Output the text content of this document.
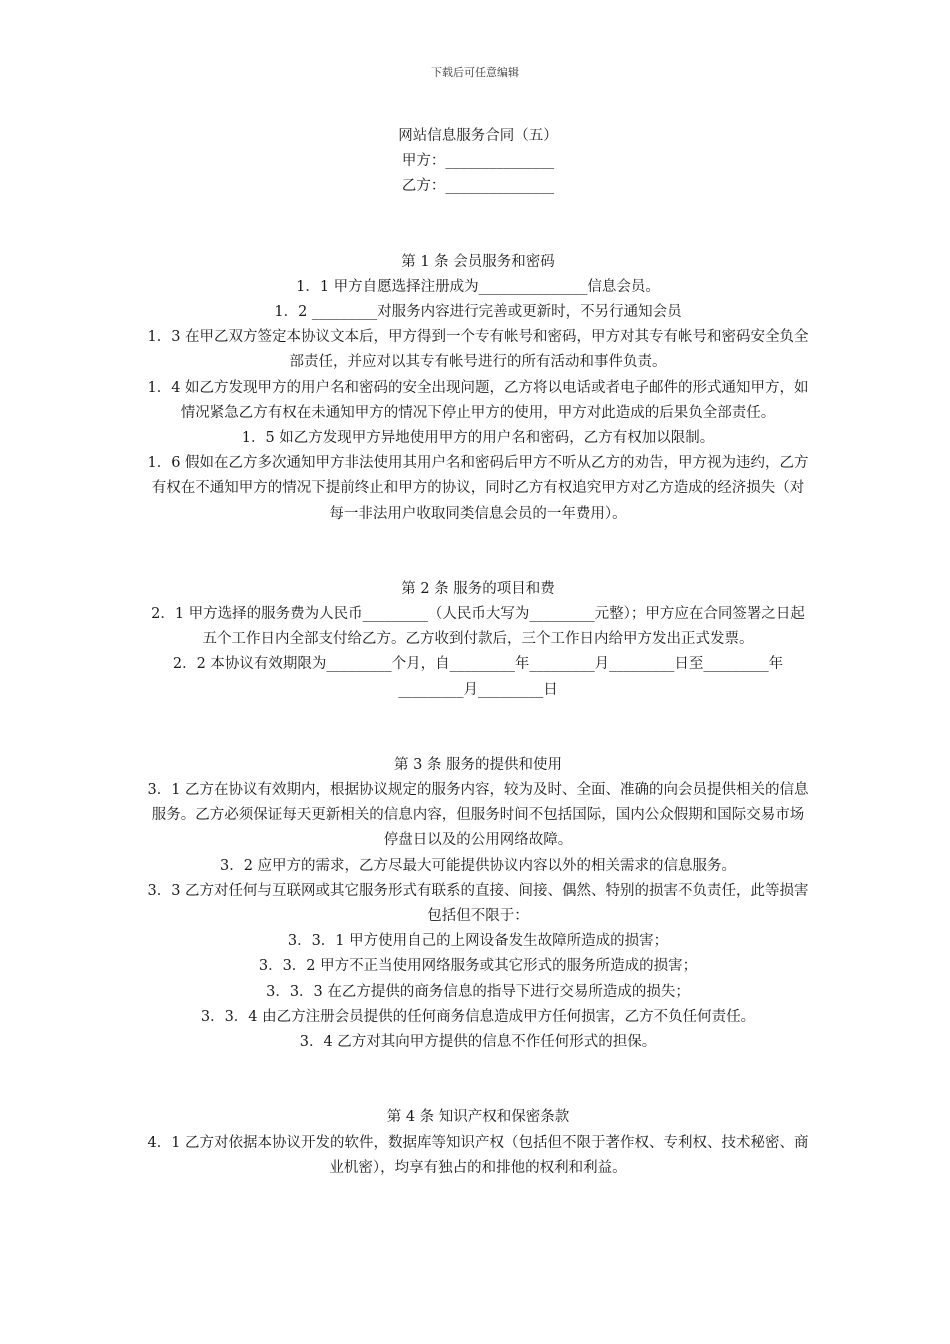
下载后可任意编辑

网站信息服务合同（五）

甲方：_______________

乙方：_______________

第 1 条 会员服务和密码

1．1 甲方自愿选择注册成为_______________信息会员。

1．2 _________对服务内容进行完善或更新时，不另行通知会员

1．3 在甲乙双方签定本协议文本后，甲方得到一个专有帐号和密码，甲方对其专有帐号和密码安全负全部责任，并应对以其专有帐号进行的所有活动和事件负责。

1．4 如乙方发现甲方的用户名和密码的安全出现问题，乙方将以电话或者电子邮件的形式通知甲方，如情况紧急乙方有权在未通知甲方的情况下停止甲方的使用，甲方对此造成的后果负全部责任。

1．5 如乙方发现甲方异地使用甲方的用户名和密码，乙方有权加以限制。

1．6 假如在乙方多次通知甲方非法使用其用户名和密码后甲方不听从乙方的劝告，甲方视为违约，乙方有权在不通知甲方的情况下提前终止和甲方的协议，同时乙方有权追究甲方对乙方造成的经济损失（对每一非法用户收取同类信息会员的一年费用）。

第 2 条 服务的项目和费

2．1 甲方选择的服务费为人民币_________（人民币大写为_________元整）；甲方应在合同签署之日起五个工作日内全部支付给乙方。乙方收到付款后，三个工作日内给甲方发出正式发票。

2．2 本协议有效期限为_________个月，自_________年_________月_________日至_________年_________月_________日

第 3 条 服务的提供和使用

3．1 乙方在协议有效期内，根据协议规定的服务内容，较为及时、全面、准确的向会员提供相关的信息服务。乙方必须保证每天更新相关的信息内容，但服务时间不包括国际，国内公众假期和国际交易市场停盘日以及的公用网络故障。

3．2 应甲方的需求，乙方尽最大可能提供协议内容以外的相关需求的信息服务。

3．3 乙方对任何与互联网或其它服务形式有联系的直接、间接、偶然、特别的损害不负责任，此等损害包括但不限于：

3．3．1 甲方使用自己的上网设备发生故障所造成的损害；

3．3．2 甲方不正当使用网络服务或其它形式的服务所造成的损害；

3．3．3 在乙方提供的商务信息的指导下进行交易所造成的损失；

3．3．4 由乙方注册会员提供的任何商务信息造成甲方任何损害，乙方不负任何责任。

3．4 乙方对其向甲方提供的信息不作任何形式的担保。

第 4 条 知识产权和保密条款

4．1 乙方对依据本协议开发的软件，数据库等知识产权（包括但不限于著作权、专利权、技术秘密、商业机密），均享有独占的和排他的权利和利益。
